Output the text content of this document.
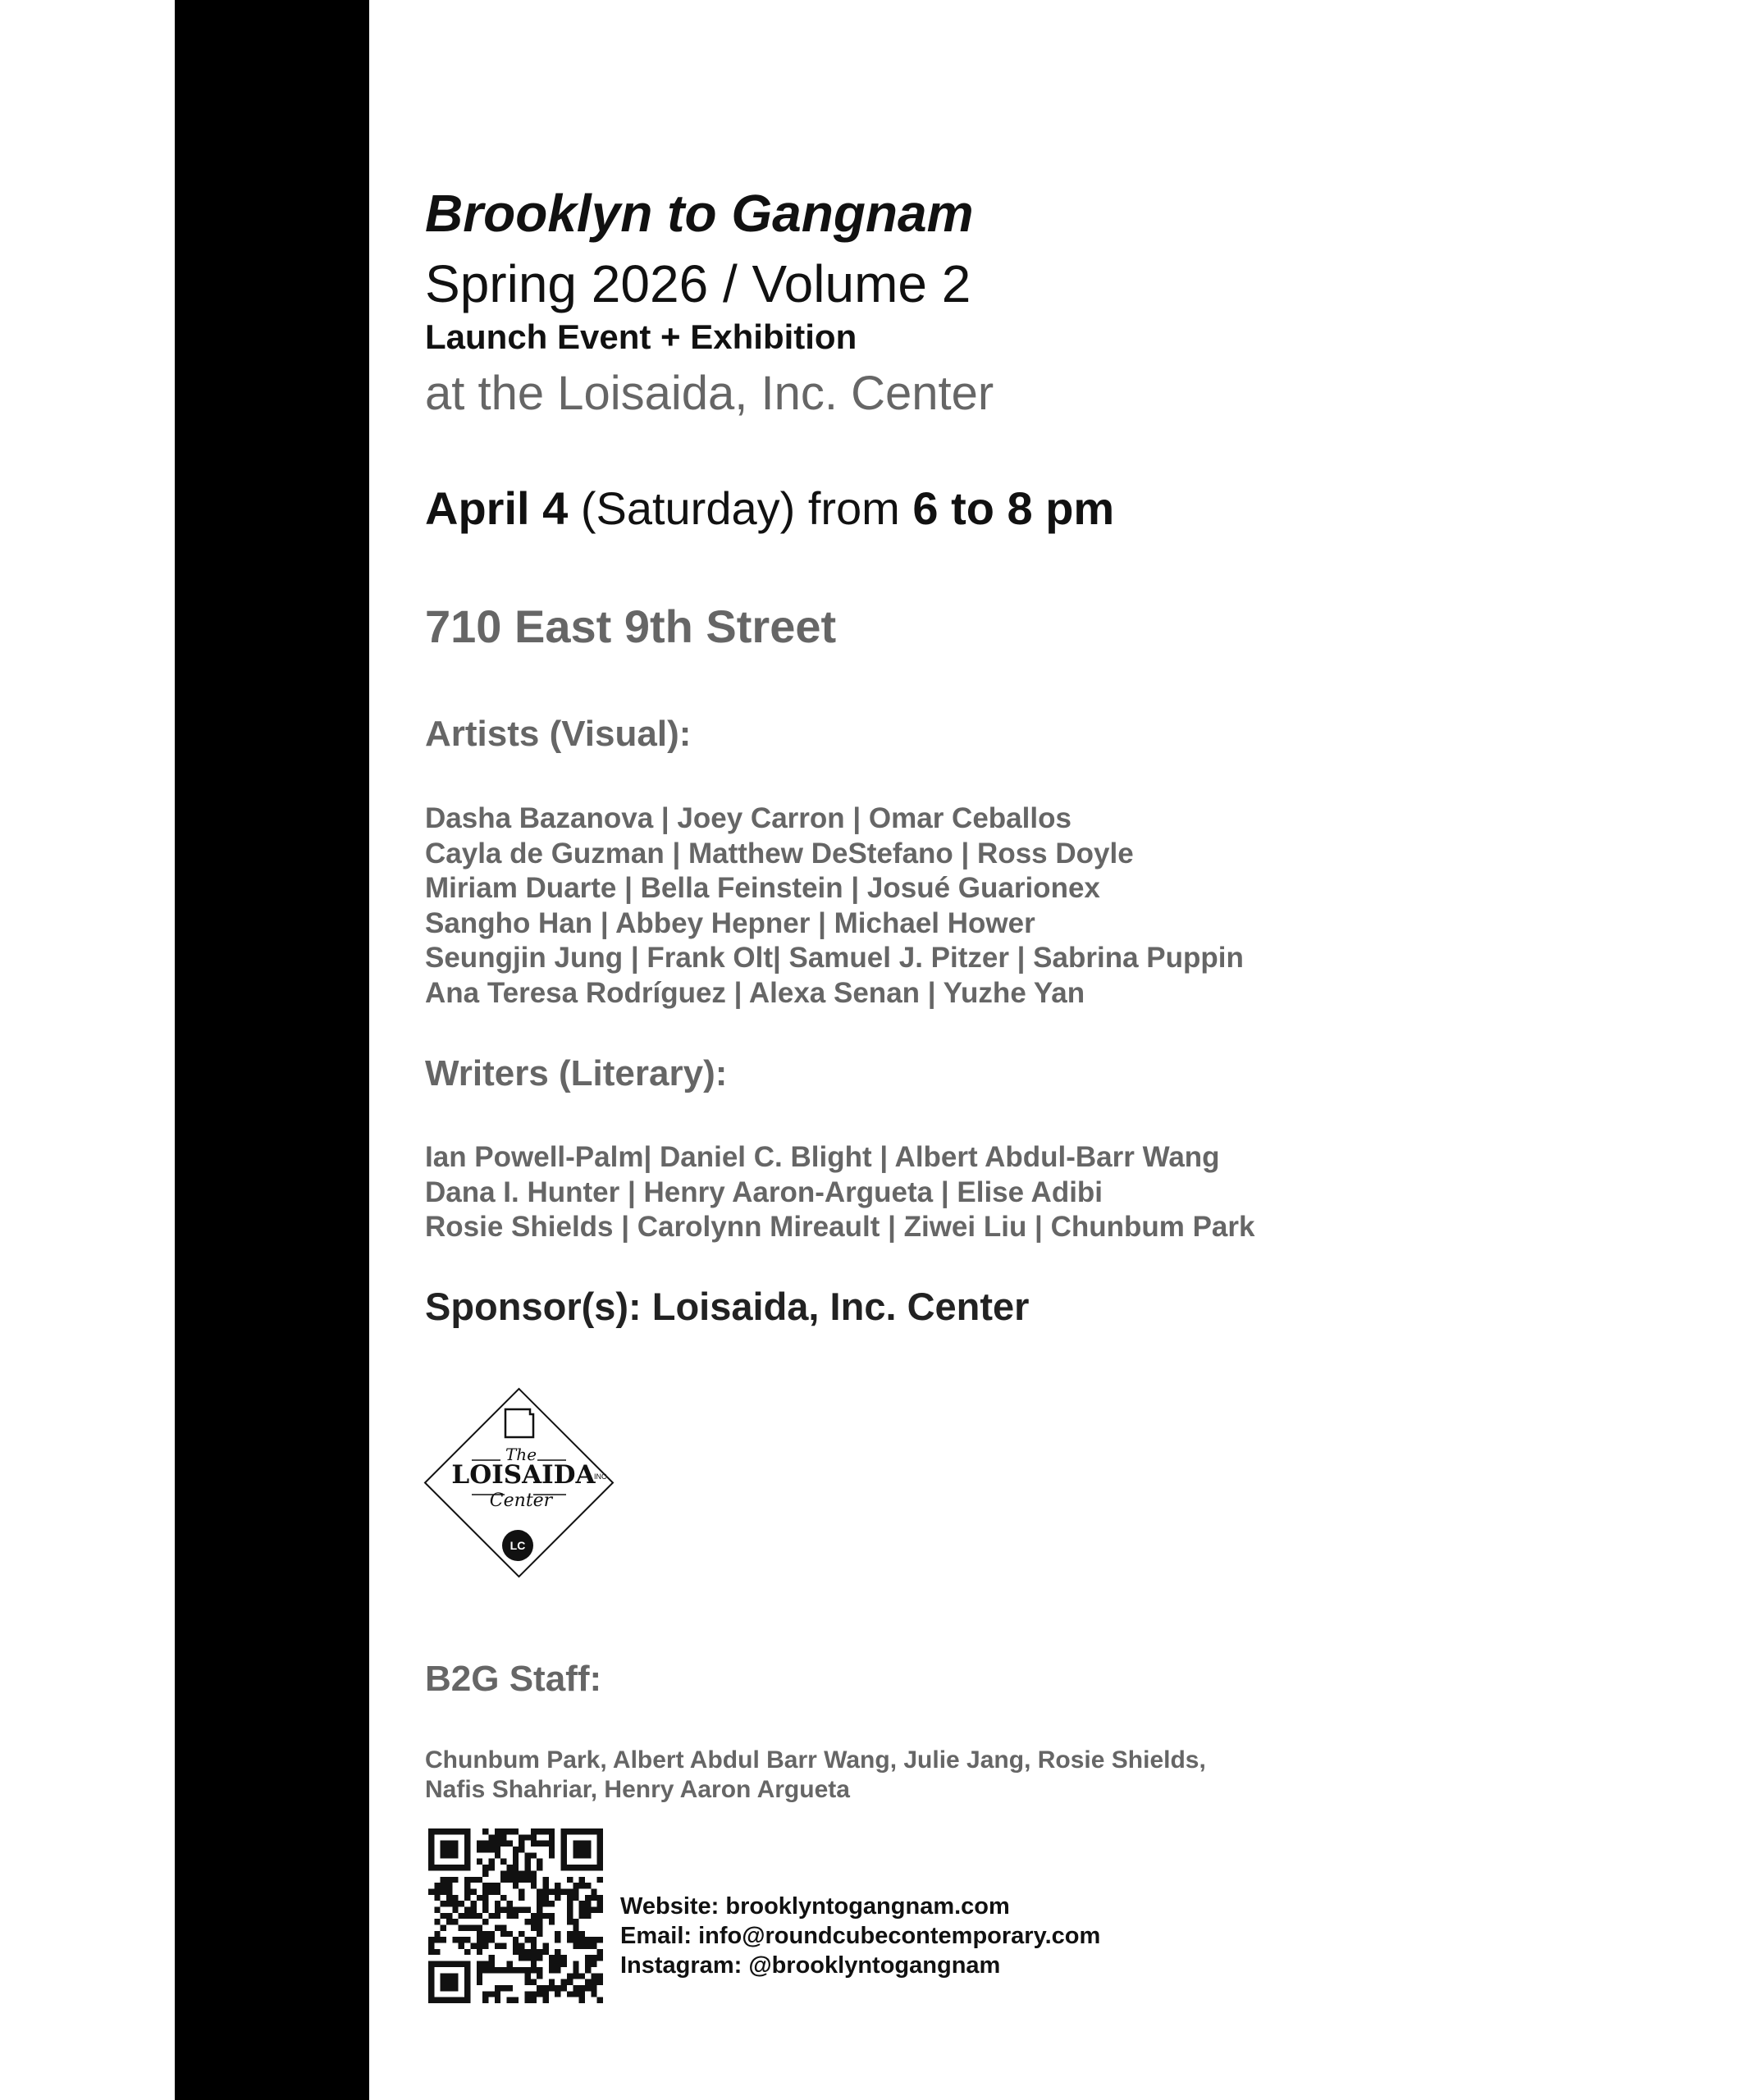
Brooklyn to Gangnam
Spring 2026 / Volume 2
Launch Event + Exhibition
at the Loisaida, Inc. Center
April 4 (Saturday) from 6 to 8 pm
710 East 9th Street
Artists (Visual):
Dasha Bazanova | Joey Carron | Omar Ceballos
Cayla de Guzman | Matthew DeStefano | Ross Doyle
Miriam Duarte | Bella Feinstein | Josué Guarionex
Sangho Han | Abbey Hepner | Michael Hower
Seungjin Jung | Frank Olt| Samuel J. Pitzer | Sabrina Puppin
Ana Teresa Rodríguez | Alexa Senan | Yuzhe Yan
Writers (Literary):
Ian Powell-Palm| Daniel C. Blight | Albert Abdul-Barr Wang
Dana I. Hunter | Henry Aaron-Argueta | Elise Adibi
Rosie Shields | Carolynn Mireault | Ziwei Liu | Chunbum Park
Sponsor(s): Loisaida, Inc. Center
The
LOISAIDA
INC
Center
LC
B2G Staff:
Chunbum Park, Albert Abdul Barr Wang, Julie Jang, Rosie Shields,
Nafis Shahriar, Henry Aaron Argueta
Website: brooklyntogangnam.com
Email: info@roundcubecontemporary.com
Instagram: @brooklyntogangnam
